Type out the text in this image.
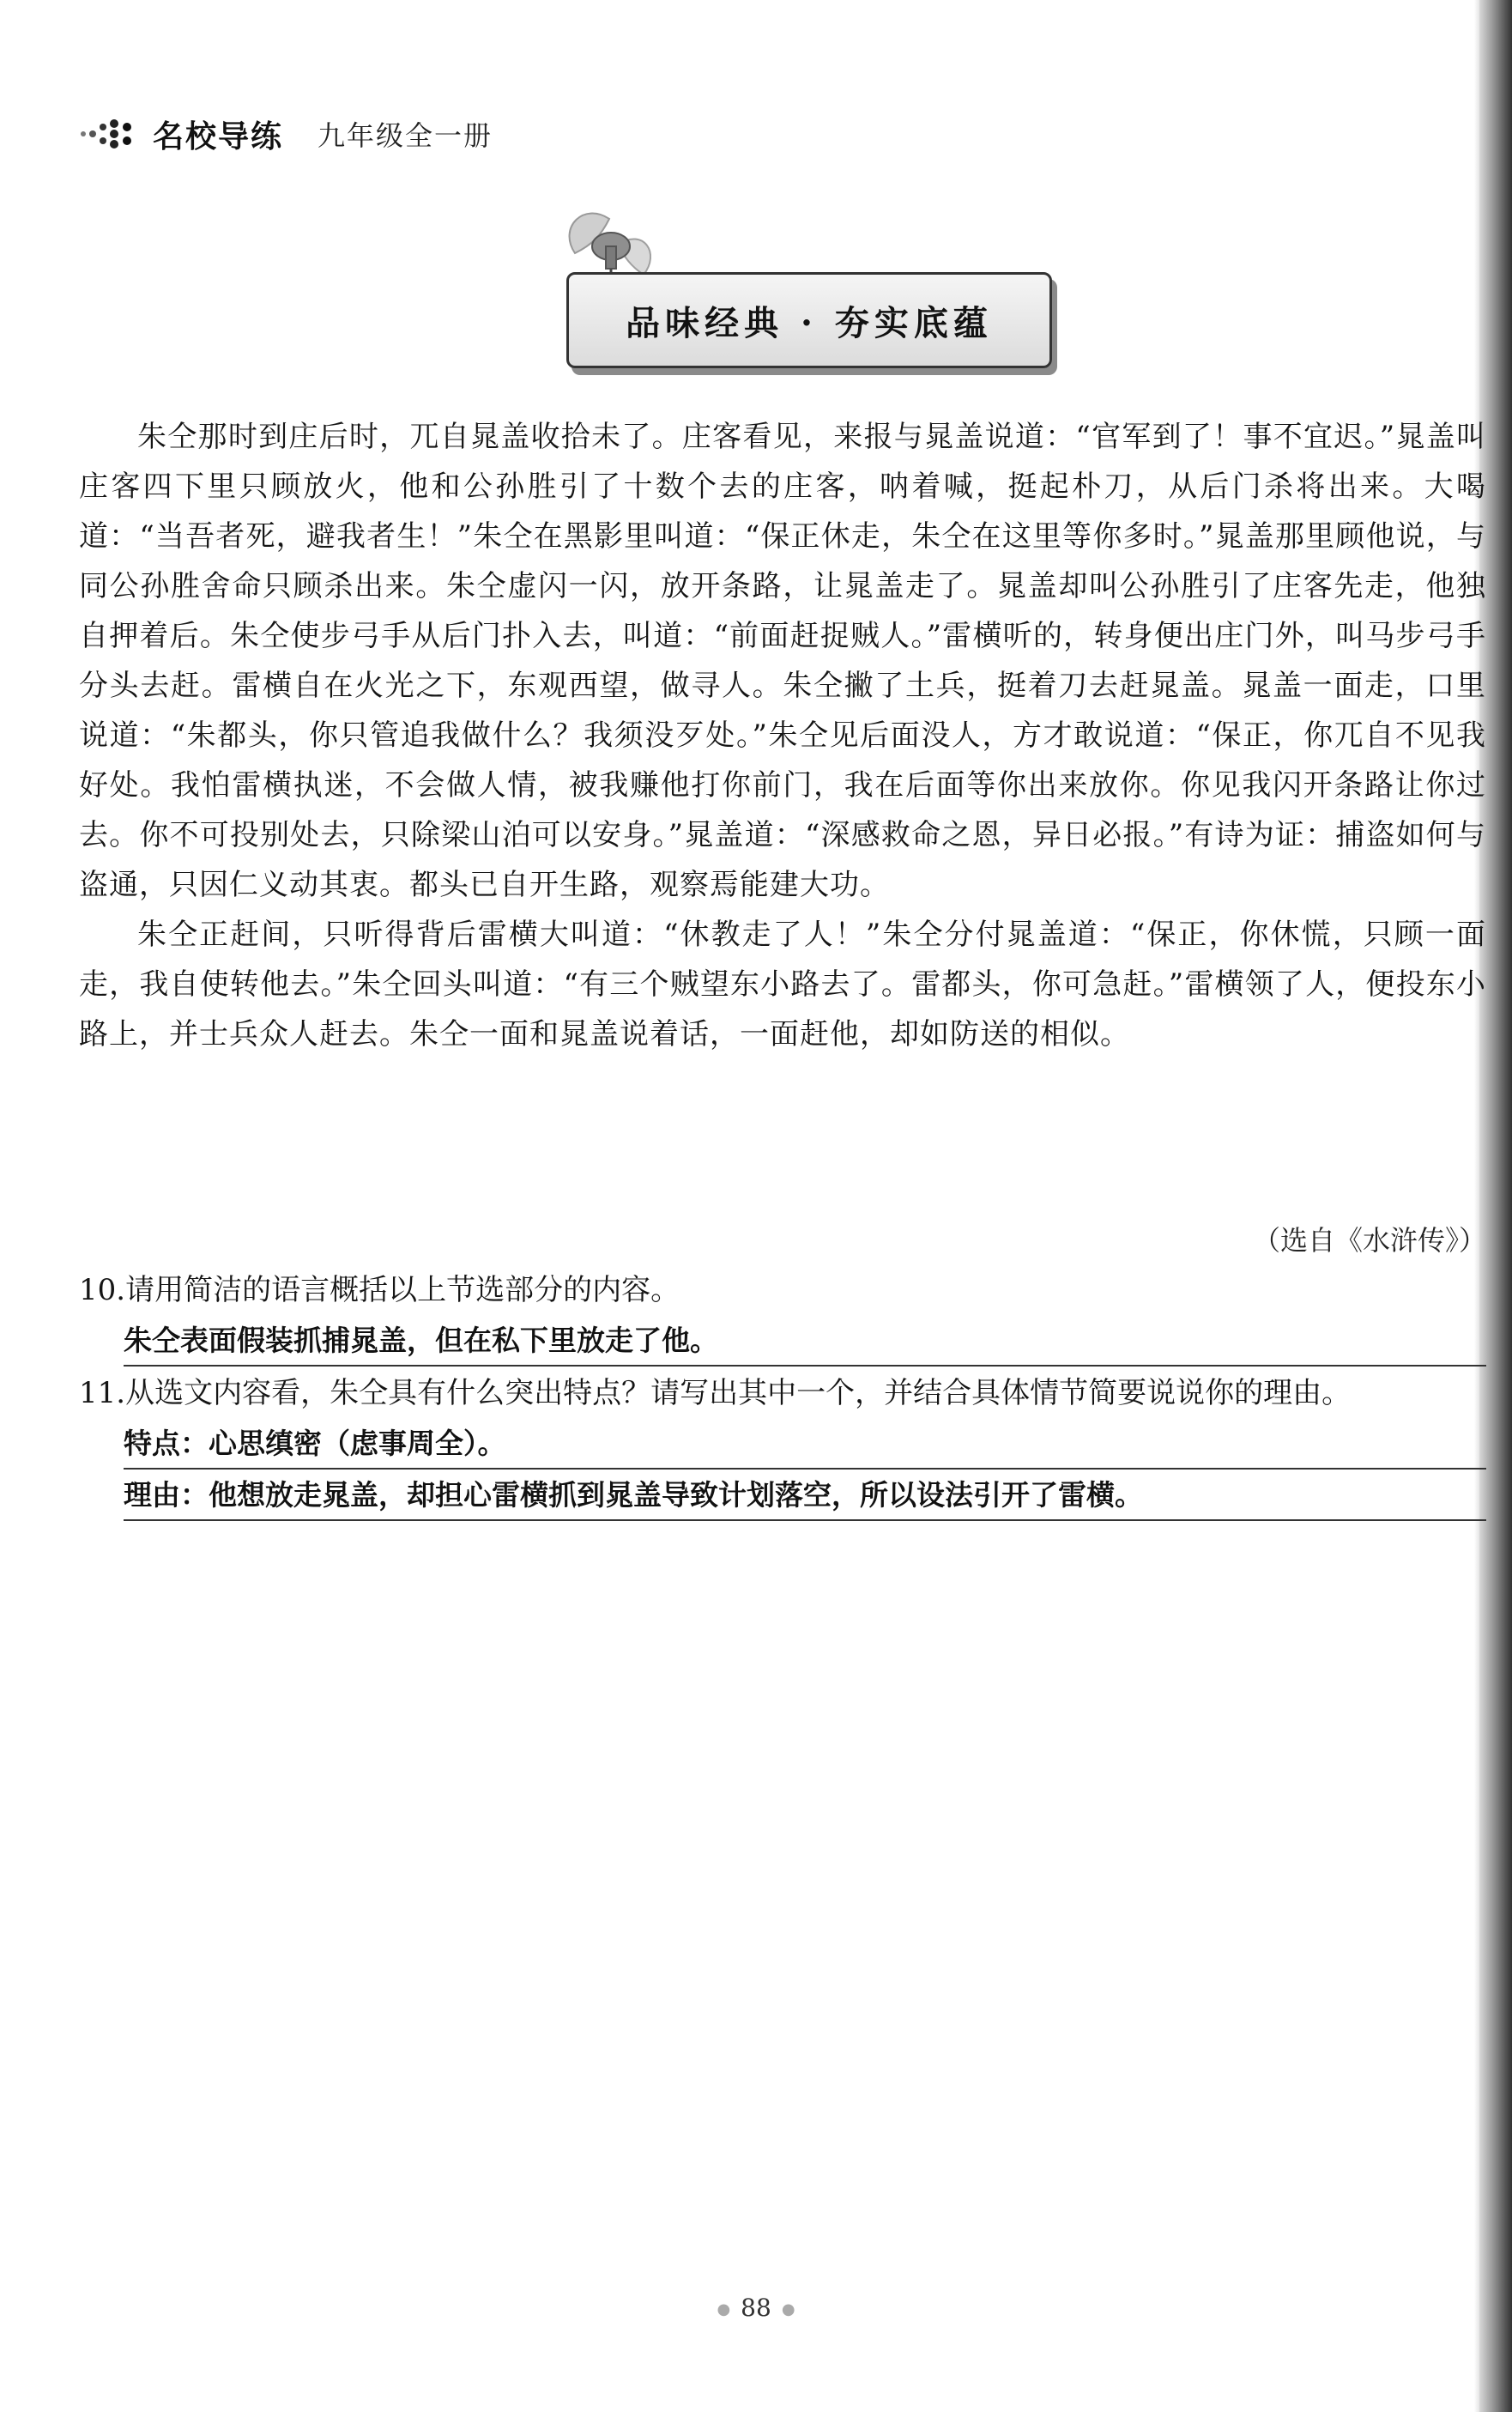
名校导练 九年级全一册
品味经典 · 夯实底蕴

朱仝那时到庄后时，兀自晁盖收拾未了。庄客看见，来报与晁盖说道：“官军到了！事不宜迟。”晁盖叫庄客四下里只顾放火，他和公孙胜引了十数个去的庄客，呐着喊，挺起朴刀，从后门杀将出来。大喝道：“当吾者死，避我者生！”朱仝在黑影里叫道：“保正休走，朱仝在这里等你多时。”晁盖那里顾他说，与同公孙胜舍命只顾杀出来。朱仝虚闪一闪，放开条路，让晁盖走了。晁盖却叫公孙胜引了庄客先走，他独自押着后。朱仝使步弓手从后门扑入去，叫道：“前面赶捉贼人。”雷横听的，转身便出庄门外，叫马步弓手分头去赶。雷横自在火光之下，东观西望，做寻人。朱仝撇了土兵，挺着刀去赶晁盖。晁盖一面走，口里说道：“朱都头，你只管追我做什么？我须没歹处。”朱仝见后面没人，方才敢说道：“保正，你兀自不见我好处。我怕雷横执迷，不会做人情，被我赚他打你前门，我在后面等你出来放你。你见我闪开条路让你过去。你不可投别处去，只除梁山泊可以安身。”晁盖道：“深感救命之恩，异日必报。”有诗为证：捕盗如何与盗通，只因仁义动其衷。都头已自开生路，观察焉能建大功。

朱仝正赶间，只听得背后雷横大叫道：“休教走了人！”朱仝分付晁盖道：“保正，你休慌，只顾一面走，我自使转他去。”朱仝回头叫道：“有三个贼望东小路去了。雷都头，你可急赶。”雷横领了人，便投东小路上，并士兵众人赶去。朱仝一面和晁盖说着话，一面赶他，却如防送的相似。

（选自《水浒传》）

10.请用简洁的语言概括以上节选部分的内容。

朱仝表面假装抓捕晁盖，但在私下里放走了他。

11.从选文内容看，朱仝具有什么突出特点？请写出其中一个，并结合具体情节简要说说你的理由。

特点：心思缜密（虑事周全）。
理由：他想放走晁盖，却担心雷横抓到晁盖导致计划落空，所以设法引开了雷横。
● 88 ●
